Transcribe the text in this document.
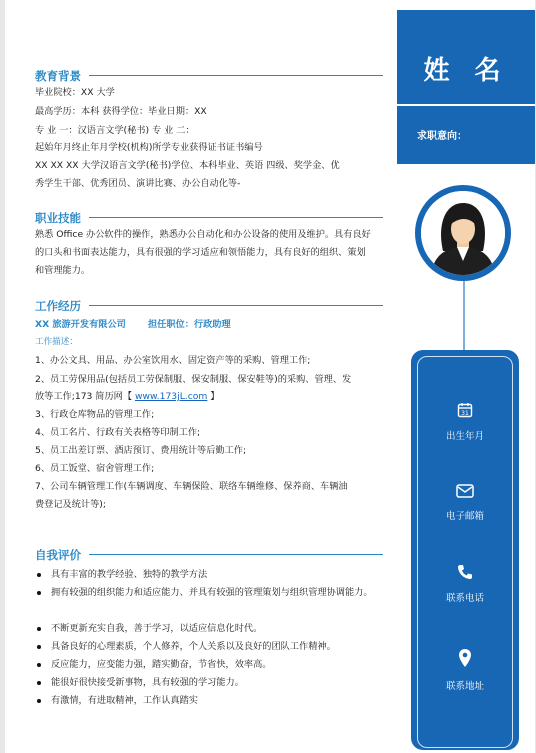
教育背景
毕业院校：XX 大学
最高学历：本科 获得学位：毕业日期：XX
专 业 一：汉语言文学(秘书) 专 业 二：
起始年月终止年月学校(机构)所学专业获得证书证书编号
XX XX XX 大学汉语言文学(秘书)学位、本科毕业、英语 四级、奖学金、优
秀学生干部、优秀团员、演讲比赛、办公自动化等-
职业技能
熟悉 Office 办公软件的操作，熟悉办公自动化和办公设备的使用及维护。具有良好的口头和书面表达能力，具有很强的学习适应和领悟能力，具有良好的组织、策划和管理能力。
工作经历
XX 旅游开发有限公司 担任职位：行政助理
工作描述：
1、办公文具、用品、办公室饮用水、固定资产等的采购、管理工作;
2、员工劳保用品(包括员工劳保制服、保安制服、保安鞋等)的采购、管理、发
放等工作;173 简历网【 www.173jL.com 】
3、行政仓库物品的管理工作;
4、员工名片、行政有关表格等印制工作;
5、员工出差订票、酒店预订、费用统计等后勤工作;
6、员工饭堂、宿舍管理工作;
7、公司车辆管理工作(车辆调度、车辆保险、联络车辆维修、保养商、车辆油
费登记及统计等);
自我评价
具有丰富的教学经验、独特的教学方法
拥有较强的组织能力和适应能力、并具有较强的管理策划与组织管理协调能力。
不断更新充实自我，善于学习，以适应信息化时代。
具备良好的心理素质，个人修养，个人关系以及良好的团队工作精神。
反应能力，应变能力强，踏实勤奋，节省快，效率高。
能很好很快接受新事物，具有较强的学习能力。
有激情，有进取精神，工作认真踏实
姓 名
求职意向：
31
出生年月
电子邮箱
联系电话
联系地址
